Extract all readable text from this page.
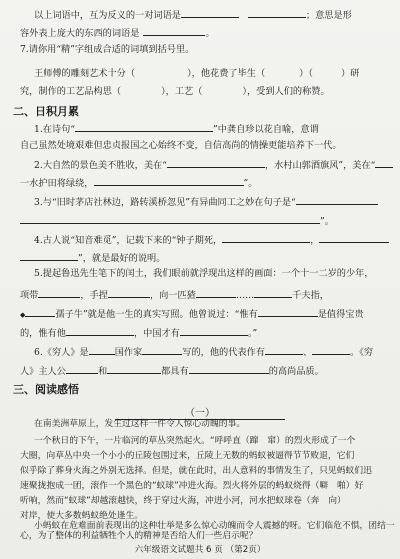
以上词语中，互为反义的一对词语是	；意思是形
容外表上庞大的东西的词语是	。
7.请你用“精”字组成合适的词填到括号里。
王师傅的雕刻艺术十分（	），他花费了毕生（	）（	）研
究，制作的工艺品构思（	），工艺（	），受到人们的称赞。
二、日积月累
1.在诗句“	”中龚自珍以花自喻，意谓
自己虽然处境艰难但忠贞报国之心始终不变，自信高尚的情操更能培养下一代。
2.大自然的景色美不胜收，美在“	，水村山郭酒旗风”，美在“
一水护田将绿绕，	”。
3.与“旧时茅店社林边，路转溪桥忽见”有异曲同工之妙在句子是“
”。
4.古人说“知音难觅”，记载下来的“钟子期死，	，
”，就是最好的说明。
5.提起鲁迅先生笔下的闰土，我们眼前就浮现出这样的画面：一个十一二岁的少年，
项带	，手捏	，向一匹猹	……	千夫指，
◆	孺子牛”就是他一生的真实写照。他曾说过：“惟有	是值得宝贵
的，惟有他	，中国才有	。”
6.《穷人》是	国作家	写的，他的代表作有	、	。《穷
人》主人公	和	都具有	的高尚品质。
三、阅读感悟
（一）
在南美洲草原上，发生过这样一件令人惊心动魄的事。
一个秋日的下午，一片临河的草丛突然起火。“呼呼直（蹿　窜）的烈火形成了一个
大圈，向草丛中央一个小小的丘陵包围过来，丘陵上无数的蚂蚁被逼得节节败退，它们
似乎除了葬身火海之外别无选择。但是，就在此时，出人意料的事情发生了，只见蚂蚁们迅
速聚拢抱成一团，滚作一个黑色的“蚁球”冲进火海。烈火将外层的蚂蚁烧得（噼　啪）好
听响，然而“蚁球”却越滚越快，终于穿过火海，冲进小河，河水把蚁球卷（奔　向）
对岸，使大多数蚂蚁绝处逢生。
小蚂蚁在危难面前表现出的这种壮举是多么惊心动魄而令人震撼的呀。它们临危不惧，团结一
心，为了整体的利益牺牲个人的精神是否给人们一些启示呢？
六年级语文试题共 6 页 （第2页）
